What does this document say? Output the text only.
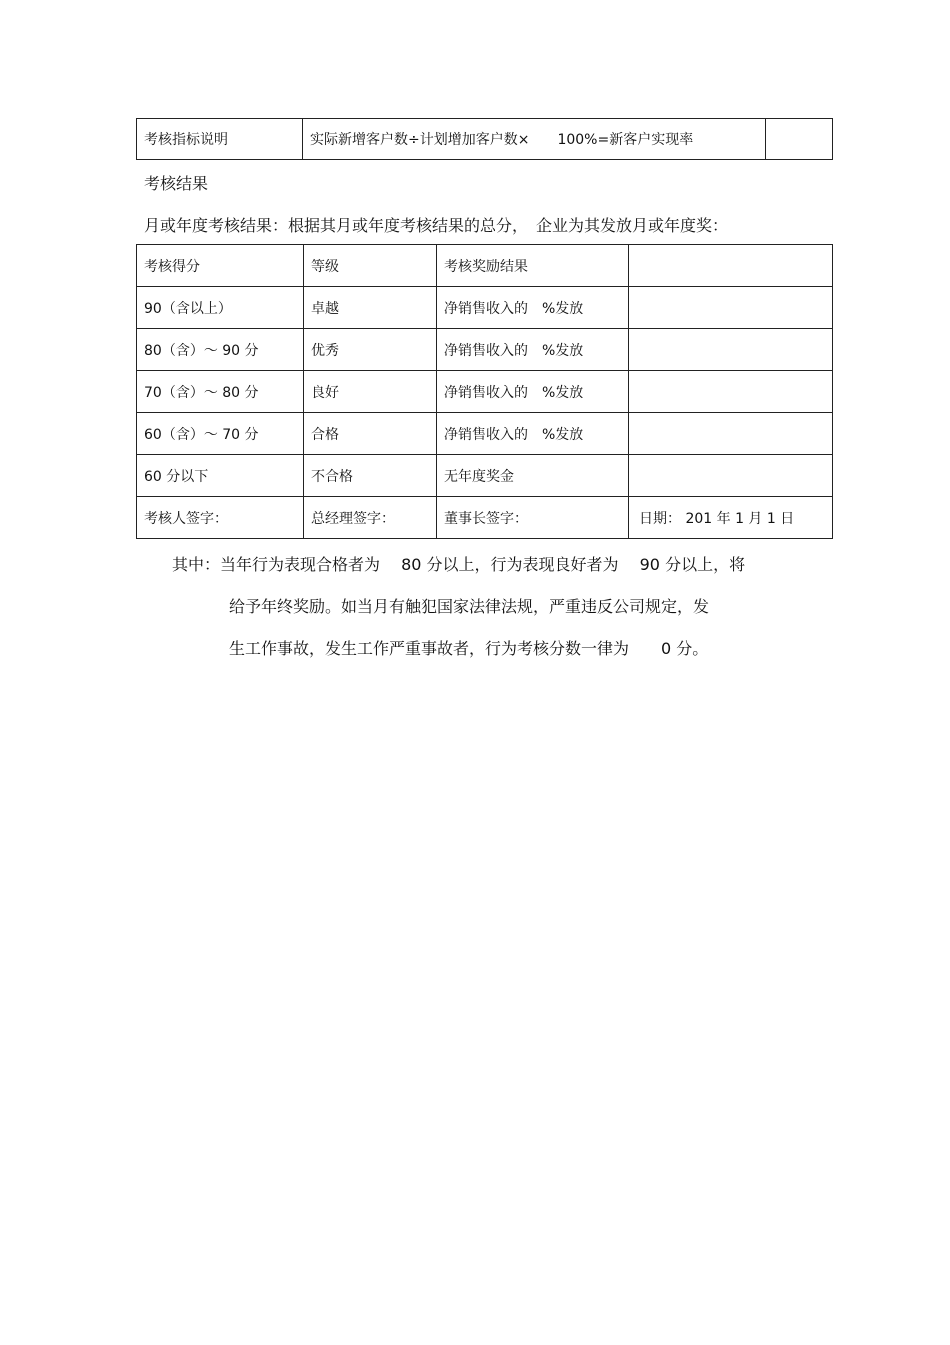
考核指标说明	实际新增客户数÷计划增加客户数×　　100%=新客户实现率	
考核结果
月或年度考核结果：根据其月或年度考核结果的总分，　企业为其发放月或年度奖：
考核得分	等级	考核奖励结果	
90（含以上）	卓越	净销售收入的　%发放	
80（含）～ 90 分	优秀	净销售收入的　%发放	
70（含）～ 80 分	良好	净销售收入的　%发放	
60（含）～ 70 分	合格	净销售收入的　%发放	
60 分以下	不合格	无年度奖金	
考核人签字：	总经理签字：	董事长签字：	日期： 201 年 1 月 1 日
其中：当年行为表现合格者为　 80 分以上，行为表现良好者为　 90 分以上，将
给予年终奖励。如当月有触犯国家法律法规，严重违反公司规定，发
生工作事故，发生工作严重事故者，行为考核分数一律为　　0 分。
